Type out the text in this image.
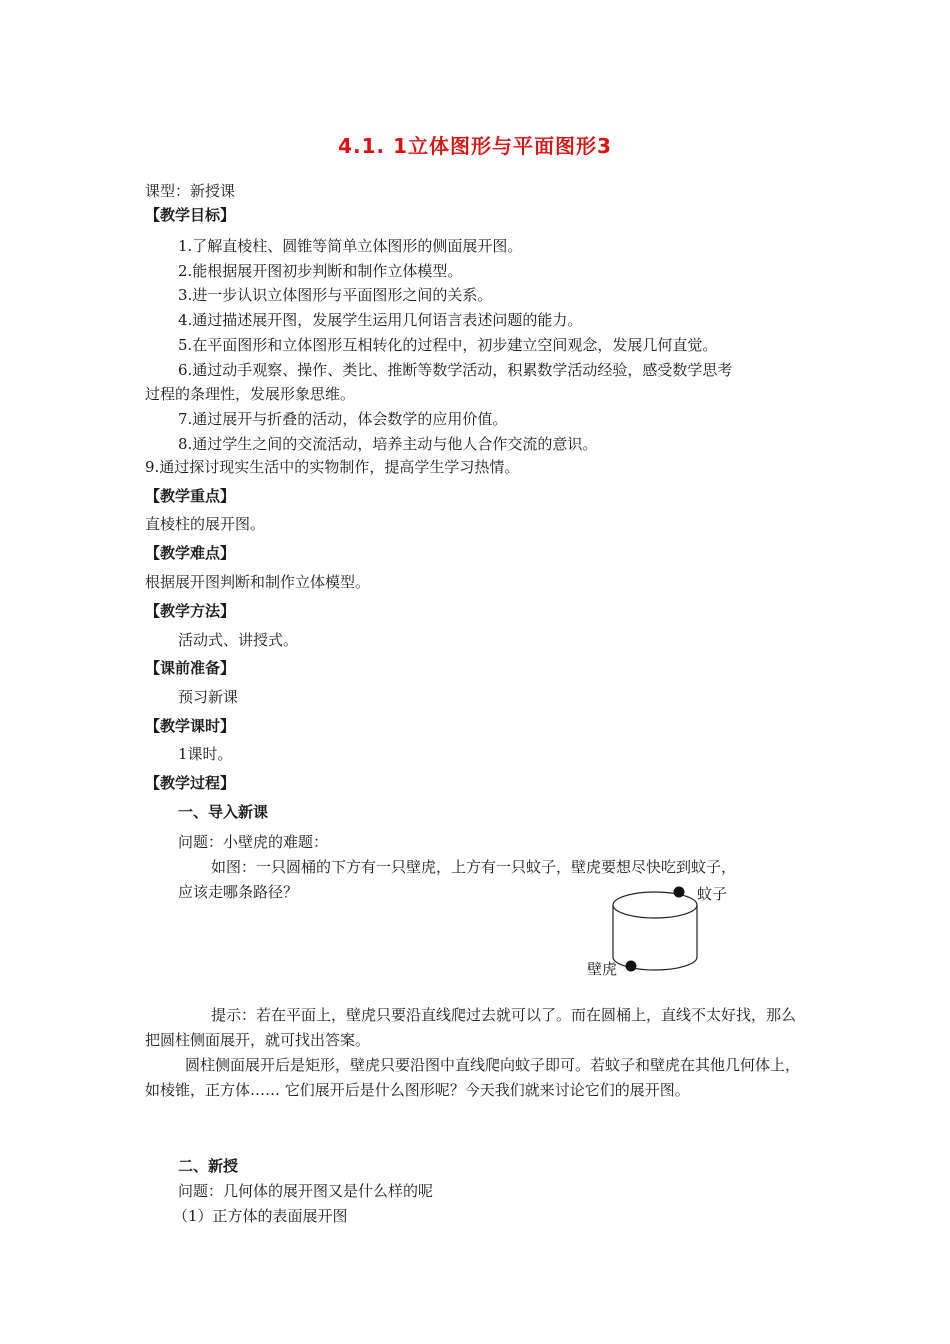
4.1. 1立体图形与平面图形3
课型：新授课
【教学目标】
1.了解直棱柱、圆锥等简单立体图形的侧面展开图。
2.能根据展开图初步判断和制作立体模型。
3.进一步认识立体图形与平面图形之间的关系。
4.通过描述展开图，发展学生运用几何语言表述问题的能力。
5.在平面图形和立体图形互相转化的过程中，初步建立空间观念，发展几何直觉。
6.通过动手观察、操作、类比、推断等数学活动，积累数学活动经验，感受数学思考
过程的条理性，发展形象思维。
7.通过展开与折叠的活动，体会数学的应用价值。
8.通过学生之间的交流活动，培养主动与他人合作交流的意识。
9.通过探讨现实生活中的实物制作，提高学生学习热情。
【教学重点】
直棱柱的展开图。
【教学难点】
根据展开图判断和制作立体模型。
【教学方法】
活动式、讲授式。
【课前准备】
预习新课
【教学课时】
1课时。
【教学过程】
一、导入新课
问题：小壁虎的难题：
如图：一只圆桶的下方有一只壁虎，上方有一只蚊子，壁虎要想尽快吃到蚊子，
应该走哪条路径？	蚊子
壁虎
提示：若在平面上，壁虎只要沿直线爬过去就可以了。而在圆桶上，直线不太好找，那么把圆柱侧面展开，就可找出答案。
圆柱侧面展开后是矩形，壁虎只要沿图中直线爬向蚊子即可。若蚊子和壁虎在其他几何体上，如棱锥，正方体…… 它们展开后是什么图形呢？今天我们就来讨论它们的展开图。
二、新授
问题：几何体的展开图又是什么样的呢
（1）正方体的表面展开图
